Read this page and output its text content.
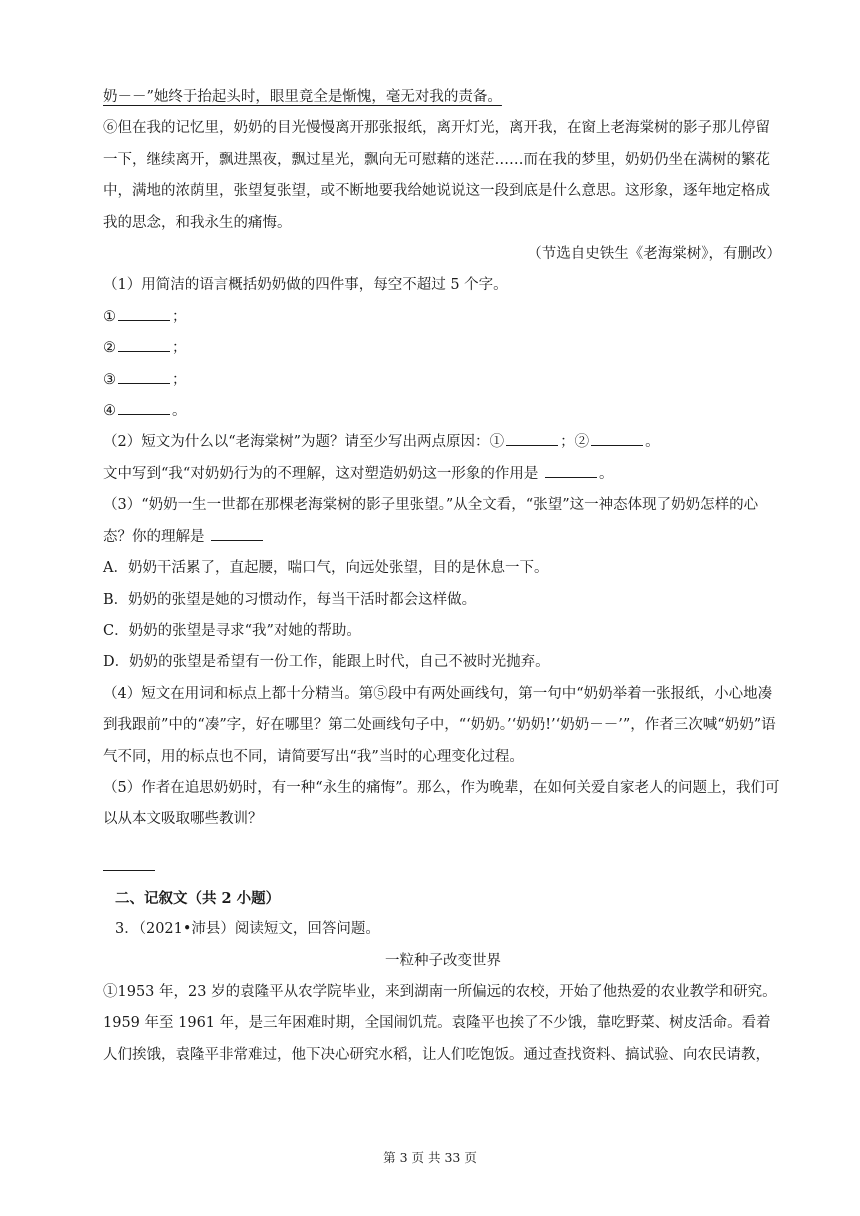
奶－－”她终于抬起头时，眼里竟全是惭愧，毫无对我的责备。

⑥但在我的记忆里，奶奶的目光慢慢离开那张报纸，离开灯光，离开我，在窗上老海棠树的影子那儿停留一下，继续离开，飘进黑夜，飘过星光，飘向无可慰藉的迷茫……而在我的梦里，奶奶仍坐在满树的繁花中，满地的浓荫里，张望复张望，或不断地要我给她说说这一段到底是什么意思。这形象，逐年地定格成我的思念，和我永生的痛悔。

（节选自史铁生《老海棠树》，有删改）

（1）用简洁的语言概括奶奶做的四件事，每空不超过 5 个字。

①	；

②	；

③	；

④	。

（2）短文为什么以“老海棠树”为题？请至少写出两点原因：①	；②	。

文中写到“我“对奶奶行为的不理解，这对塑造奶奶这一形象的作用是	。

（3）“奶奶一生一世都在那棵老海棠树的影子里张望。”从全文看，“张望”这一神态体现了奶奶怎样的心态？你的理解是

A．奶奶干活累了，直起腰，喘口气，向远处张望，目的是休息一下。

B．奶奶的张望是她的习惯动作，每当干活时都会这样做。

C．奶奶的张望是寻求“我”对她的帮助。

D．奶奶的张望是希望有一份工作，能跟上时代，自己不被时光抛弃。

（4）短文在用词和标点上都十分精当。第⑤段中有两处画线句，第一句中“奶奶举着一张报纸，小心地凑到我跟前”中的“凑”字，好在哪里？第二处画线句子中，“‘奶奶。’‘奶奶!’‘奶奶－－’”，作者三次喊“奶奶”语气不同，用的标点也不同，请简要写出“我”当时的心理变化过程。

（5）作者在追思奶奶时，有一种“永生的痛悔”。那么，作为晚辈，在如何关爱自家老人的问题上，我们可以从本文吸取哪些教训？

二、记叙文（共 2 小题）

3．（2021•沛县）阅读短文，回答问题。

一粒种子改变世界

①1953 年，23 岁的袁隆平从农学院毕业，来到湖南一所偏远的农校，开始了他热爱的农业教学和研究。1959 年至 1961 年，是三年困难时期，全国闹饥荒。袁隆平也挨了不少饿，靠吃野菜、树皮活命。看着人们挨饿，袁隆平非常难过，他下决心研究水稻，让人们吃饱饭。通过查找资料、搞试验、向农民请教，

第 3 页 共 33 页
